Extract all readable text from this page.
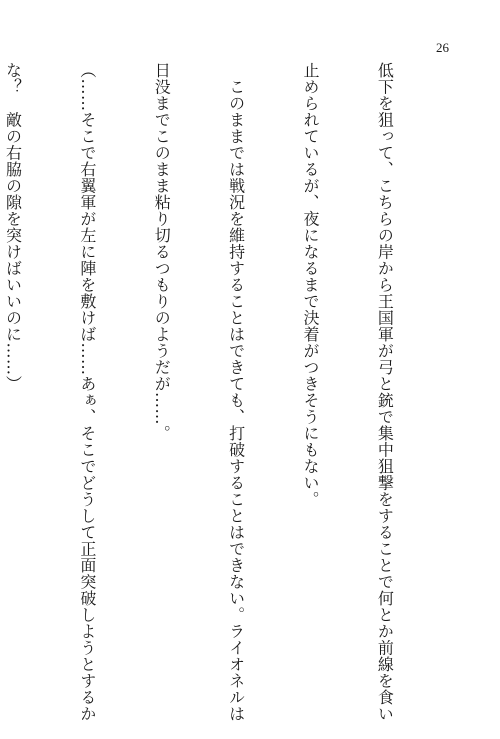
26

低下を狙って、こちらの岸から王国軍が弓と銃で集中狙撃をすることで何とか前線を食い

止められているが、夜になるまで決着がつきそうにもない。

　このままでは戦況を維持することはできても、打破することはできない。ライオネルは

日没までこのまま粘り切るつもりのようだが……。

（……そこで右翼軍が左に陣を敷けば……あぁ、そこでどうして正面突破しようとするか

な？　敵の右脇の隙を突けばいいのに……）
